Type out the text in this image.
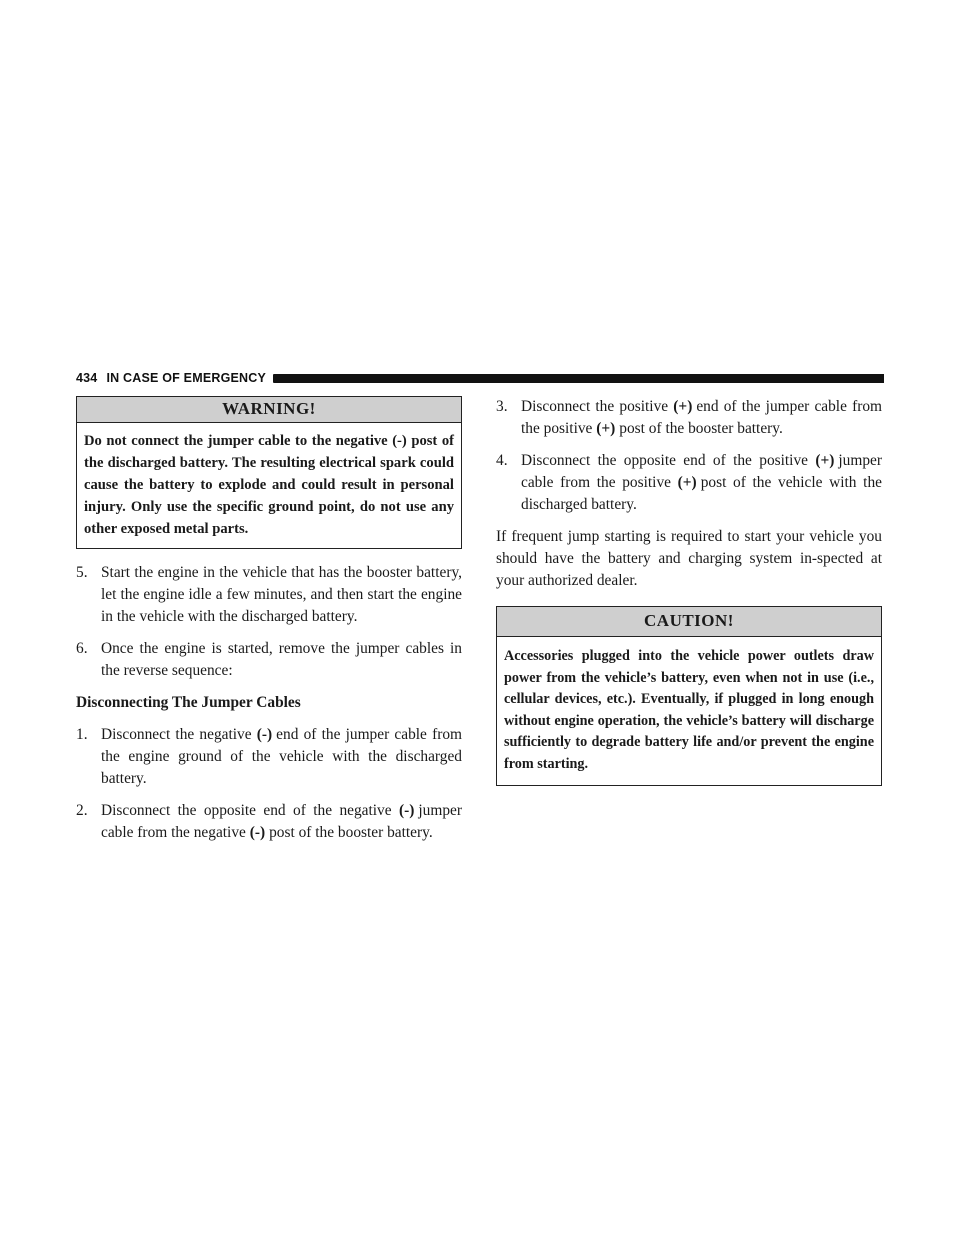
434 IN CASE OF EMERGENCY
WARNING!
Do not connect the jumper cable to the negative (-) post of the discharged battery. The resulting electrical spark could cause the battery to explode and could result in personal injury. Only use the specific ground point, do not use any other exposed metal parts.

5. Start the engine in the vehicle that has the booster battery, let the engine idle a few minutes, and then start the engine in the vehicle with the discharged battery.

6. Once the engine is started, remove the jumper cables in the reverse sequence:

Disconnecting The Jumper Cables

1. Disconnect the negative (-) end of the jumper cable from the engine ground of the vehicle with the discharged battery.

2. Disconnect the opposite end of the negative (-) jumper cable from the negative (-) post of the booster battery.

3. Disconnect the positive (+) end of the jumper cable from the positive (+) post of the booster battery.

4. Disconnect the opposite end of the positive (+) jumper cable from the positive (+) post of the vehicle with the discharged battery.

If frequent jump starting is required to start your vehicle you should have the battery and charging system in-spected at your authorized dealer.

CAUTION!
Accessories plugged into the vehicle power outlets draw power from the vehicle’s battery, even when not in use (i.e., cellular devices, etc.). Eventually, if plugged in long enough without engine operation, the vehicle’s battery will discharge sufficiently to degrade battery life and/or prevent the engine from starting.
